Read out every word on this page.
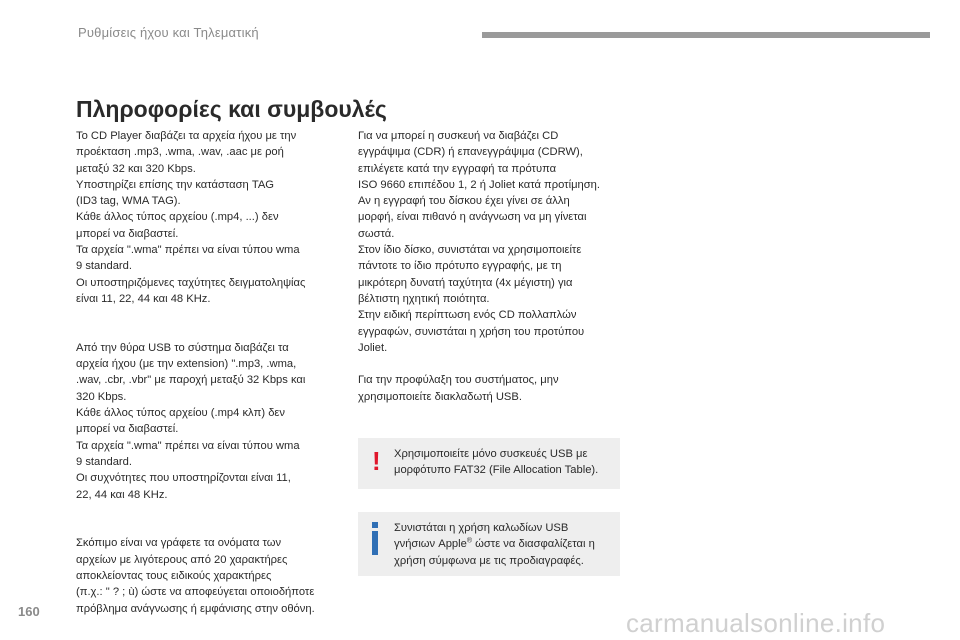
Ρυθμίσεις ήχου και Τηλεματική
Πληροφορίες και συμβουλές

Το CD Player διαβάζει τα αρχεία ήχου με την

προέκταση .mp3, .wma, .wav, .aac με ροή

μεταξύ 32 και 320 Kbps.

Υποστηρίζει επίσης την κατάσταση TAG

(ID3 tag, WMA TAG).

Κάθε άλλος τύπος αρχείου (.mp4, ...) δεν

μπορεί να διαβαστεί.

Τα αρχεία ".wma" πρέπει να είναι τύπου wma

9 standard.

Οι υποστηριζόμενες ταχύτητες δειγματοληψίας

είναι 11, 22, 44 και 48 KHz.

Από την θύρα USB το σύστημα διαβάζει τα

αρχεία ήχου (με την extension) ".mp3, .wma,

.wav, .cbr, .vbr" με παροχή μεταξύ 32 Kbps και

320 Kbps.

Κάθε άλλος τύπος αρχείου (.mp4 κλπ) δεν

μπορεί να διαβαστεί.

Τα αρχεία ".wma" πρέπει να είναι τύπου wma

9 standard.

Οι συχνότητες που υποστηρίζονται είναι 11,

22, 44 και 48 KHz.

Σκόπιμο είναι να γράφετε τα ονόματα των

αρχείων με λιγότερους από 20 χαρακτήρες

αποκλείοντας τους ειδικούς χαρακτήρες

(π.χ.: " ? ; ù) ώστε να αποφεύγεται οποιοδήποτε

πρόβλημα ανάγνωσης ή εμφάνισης στην οθόνη.

Για να μπορεί η συσκευή να διαβάζει CD

εγγράψιμα (CDR) ή επανεγγράψιμα (CDRW),

επιλέγετε κατά την εγγραφή τα πρότυπα

ISO 9660 επιπέδου 1, 2 ή Joliet κατά προτίμηση.

Αν η εγγραφή του δίσκου έχει γίνει σε άλλη

μορφή, είναι πιθανό η ανάγνωση να μη γίνεται

σωστά.

Στον ίδιο δίσκο, συνιστάται να χρησιμοποιείτε

πάντοτε το ίδιο πρότυπο εγγραφής, με τη

μικρότερη δυνατή ταχύτητα (4x μέγιστη) για

βέλτιστη ηχητική ποιότητα.

Στην ειδική περίπτωση ενός CD πολλαπλών

εγγραφών, συνιστάται η χρήση του προτύπου

Joliet.

Για την προφύλαξη του συστήματος, μην

χρησιμοποιείτε διακλαδωτή USB.

! Χρησιμοποιείτε μόνο συσκευές USB με
μορφότυπο FAT32 (File Allocation Table).
Συνιστάται η χρήση καλωδίων USB
γνήσιων Apple® ώστε να διασφαλίζεται η
χρήση σύμφωνα με τις προδιαγραφές.
160	carmanualsonline.info
